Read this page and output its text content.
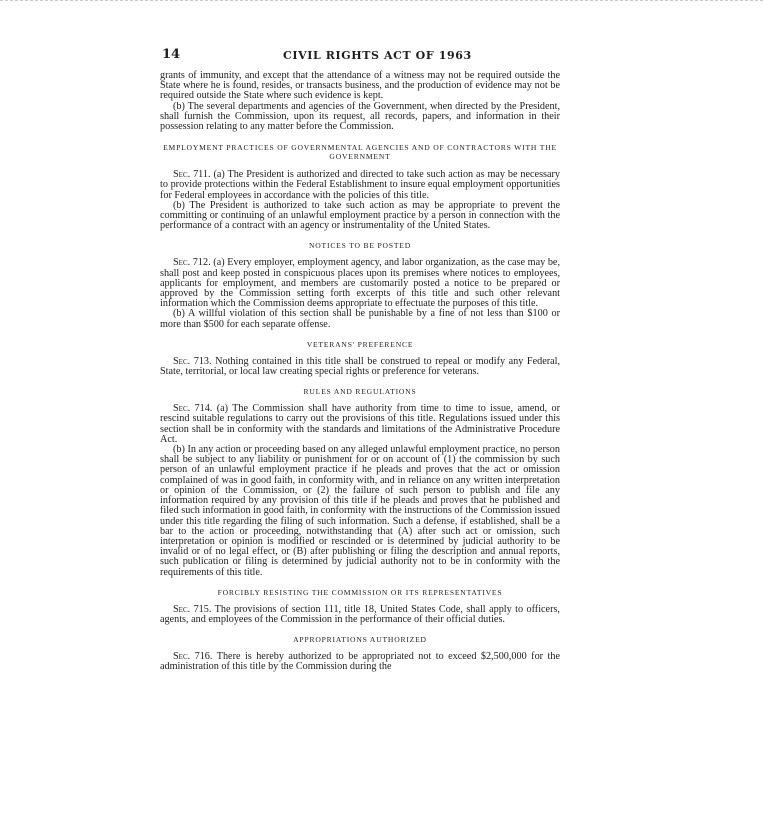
14	CIVIL RIGHTS ACT OF 1963

grants of immunity, and except that the attendance of a witness may not be required outside the State where he is found, resides, or transacts business, and the production of evidence may not be required outside the State where such evidence is kept.

(b) The several departments and agencies of the Government, when directed by the President, shall furnish the Commission, upon its request, all records, papers, and information in their possession relating to any matter before the Commission.

EMPLOYMENT PRACTICES OF GOVERNMENTAL AGENCIES AND OF CONTRACTORS WITH THE GOVERNMENT

Sec. 711. (a) The President is authorized and directed to take such action as may be necessary to provide protections within the Federal Establishment to insure equal employment opportunities for Federal employees in accordance with the policies of this title.

(b) The President is authorized to take such action as may be appropriate to prevent the committing or continuing of an unlawful employment practice by a person in connection with the performance of a contract with an agency or instrumentality of the United States.

NOTICES TO BE POSTED

Sec. 712. (a) Every employer, employment agency, and labor organization, as the case may be, shall post and keep posted in conspicuous places upon its premises where notices to employees, applicants for employment, and members are customarily posted a notice to be prepared or approved by the Commission setting forth excerpts of this title and such other relevant information which the Commission deems appropriate to effectuate the purposes of this title.

(b) A willful violation of this section shall be punishable by a fine of not less than $100 or more than $500 for each separate offense.

VETERANS' PREFERENCE

Sec. 713. Nothing contained in this title shall be construed to repeal or modify any Federal, State, territorial, or local law creating special rights or preference for veterans.

RULES AND REGULATIONS

Sec. 714. (a) The Commission shall have authority from time to time to issue, amend, or rescind suitable regulations to carry out the provisions of this title. Regulations issued under this section shall be in conformity with the standards and limitations of the Administrative Procedure Act.

(b) In any action or proceeding based on any alleged unlawful employment practice, no person shall be subject to any liability or punishment for or on account of (1) the commission by such person of an unlawful employment practice if he pleads and proves that the act or omission complained of was in good faith, in conformity with, and in reliance on any written interpretation or opinion of the Commission, or (2) the failure of such person to publish and file any information required by any provision of this title if he pleads and proves that he published and filed such information in good faith, in conformity with the instructions of the Commission issued under this title regarding the filing of such information. Such a defense, if established, shall be a bar to the action or proceeding, notwithstanding that (A) after such act or omission, such interpretation or opinion is modified or rescinded or is determined by judicial authority to be invalid or of no legal effect, or (B) after publishing or filing the description and annual reports, such publication or filing is determined by judicial authority not to be in conformity with the requirements of this title.

FORCIBLY RESISTING THE COMMISSION OR ITS REPRESENTATIVES

Sec. 715. The provisions of section 111, title 18, United States Code, shall apply to officers, agents, and employees of the Commission in the performance of their official duties.

APPROPRIATIONS AUTHORIZED

Sec. 716. There is hereby authorized to be appropriated not to exceed $2,500,000 for the administration of this title by the Commission during the
